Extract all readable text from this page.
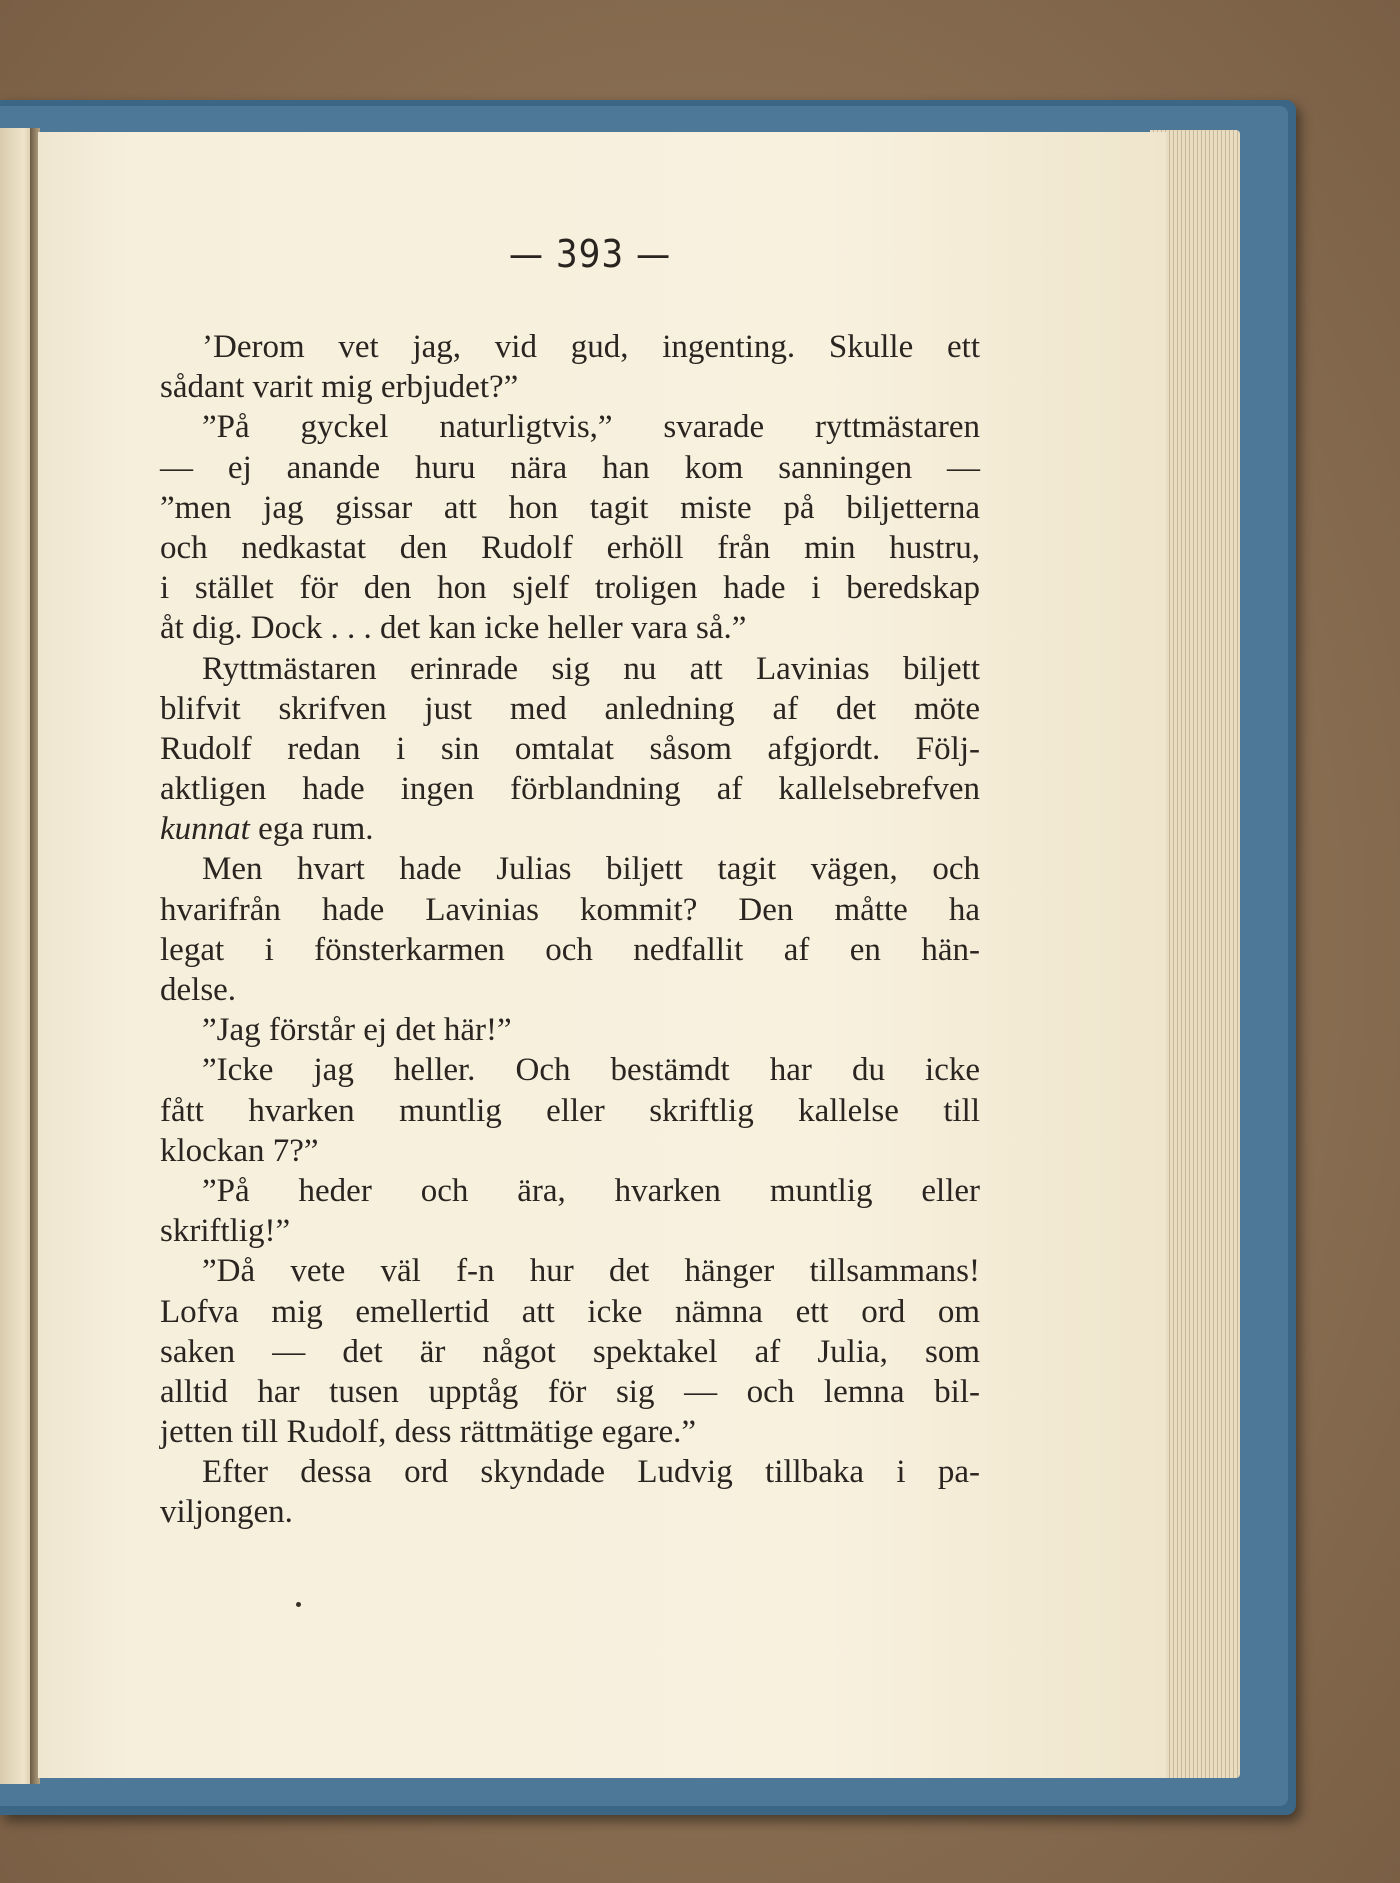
— 393 —
’Derom vet jag, vid gud, ingenting. Skulle ett
sådant varit mig erbjudet?”
”På gyckel naturligtvis,” svarade ryttmästaren
— ej anande huru nära han kom sanningen —
”men jag gissar att hon tagit miste på biljetterna
och nedkastat den Rudolf erhöll från min hustru,
i stället för den hon sjelf troligen hade i beredskap
åt dig. Dock . . . det kan icke heller vara så.”
Ryttmästaren erinrade sig nu att Lavinias biljett
blifvit skrifven just med anledning af det möte
Rudolf redan i sin omtalat såsom afgjordt. Följ-
aktligen hade ingen förblandning af kallelsebrefven
kunnat ega rum.
Men hvart hade Julias biljett tagit vägen, och
hvarifrån hade Lavinias kommit? Den måtte ha
legat i fönsterkarmen och nedfallit af en hän-
delse.
”Jag förstår ej det här!”
”Icke jag heller. Och bestämdt har du icke
fått hvarken muntlig eller skriftlig kallelse till
klockan 7?”
”På heder och ära, hvarken muntlig eller
skriftlig!”
”Då vete väl f-n hur det hänger tillsammans!
Lofva mig emellertid att icke nämna ett ord om
saken — det är något spektakel af Julia, som
alltid har tusen upptåg för sig — och lemna bil-
jetten till Rudolf, dess rättmätige egare.”
Efter dessa ord skyndade Ludvig tillbaka i pa-
viljongen.
